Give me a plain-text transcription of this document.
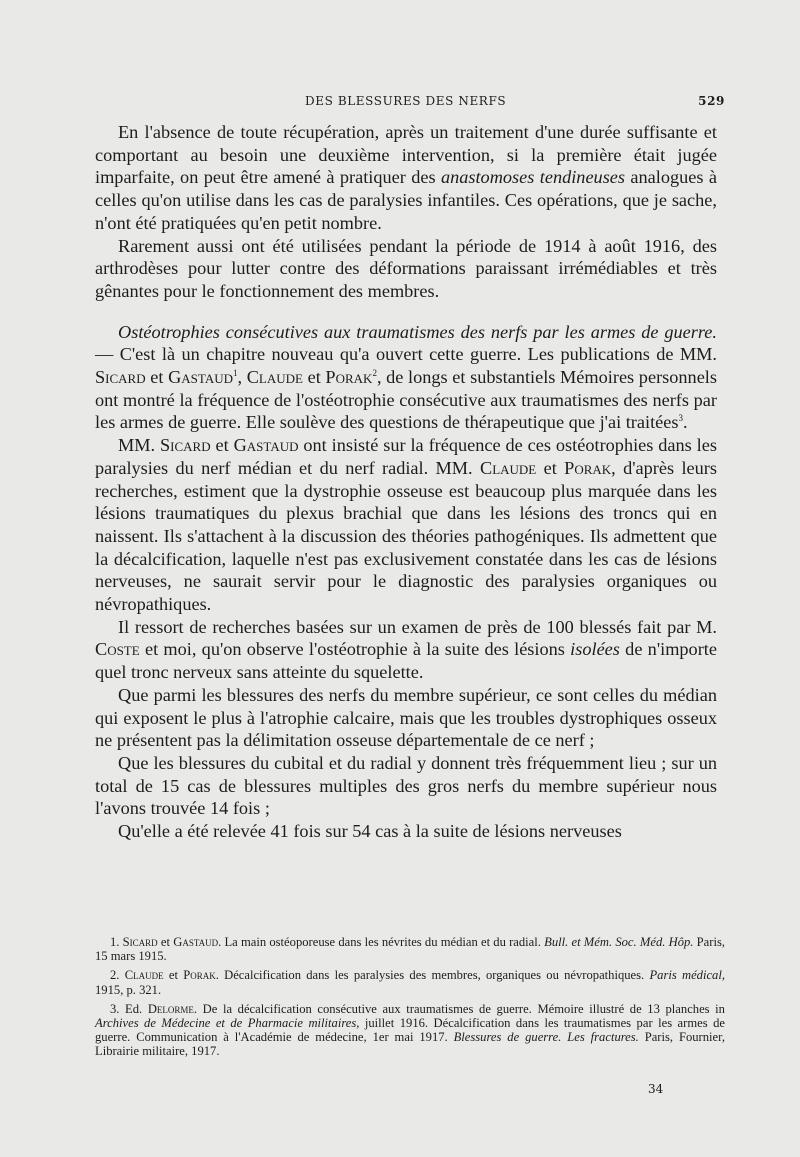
DES BLESSURES DES NERFS	529

En l'absence de toute récupération, après un traitement d'une durée suffisante et comportant au besoin une deuxième intervention, si la première était jugée imparfaite, on peut être amené à pratiquer des anastomoses tendineuses analogues à celles qu'on utilise dans les cas de paralysies infantiles. Ces opérations, que je sache, n'ont été pratiquées qu'en petit nombre.

Rarement aussi ont été utilisées pendant la période de 1914 à août 1916, des arthrodèses pour lutter contre des déformations paraissant irrémédiables et très gênantes pour le fonctionnement des membres.

Ostéotrophies consécutives aux traumatismes des nerfs par les armes de guerre. — C'est là un chapitre nouveau qu'a ouvert cette guerre. Les publications de MM. Sicard et Gastaud$^1$, Claude et Porak$^2$, de longs et substantiels Mémoires personnels ont montré la fréquence de l'ostéotrophie consécutive aux traumatismes des nerfs par les armes de guerre. Elle soulève des questions de thérapeutique que j'ai traitées$^3$.

MM. Sicard et Gastaud ont insisté sur la fréquence de ces ostéotrophies dans les paralysies du nerf médian et du nerf radial. MM. Claude et Porak, d'après leurs recherches, estiment que la dystrophie osseuse est beaucoup plus marquée dans les lésions traumatiques du plexus brachial que dans les lésions des troncs qui en naissent. Ils s'attachent à la discussion des théories pathogéniques. Ils admettent que la décalcification, laquelle n'est pas exclusivement constatée dans les cas de lésions nerveuses, ne saurait servir pour le diagnostic des paralysies organiques ou névropathiques.

Il ressort de recherches basées sur un examen de près de 100 blessés fait par M. Coste et moi, qu'on observe l'ostéotrophie à la suite des lésions isolées de n'importe quel tronc nerveux sans atteinte du squelette.

Que parmi les blessures des nerfs du membre supérieur, ce sont celles du médian qui exposent le plus à l'atrophie calcaire, mais que les troubles dystrophiques osseux ne présentent pas la délimitation osseuse départementale de ce nerf ;

Que les blessures du cubital et du radial y donnent très fréquemment lieu ; sur un total de 15 cas de blessures multiples des gros nerfs du membre supérieur nous l'avons trouvée 14 fois ;

Qu'elle a été relevée 41 fois sur 54 cas à la suite de lésions nerveuses

1. Sicard et Gastaud. La main ostéoporeuse dans les névrites du médian et du radial. Bull. et Mém. Soc. Méd. Hôp. Paris, 15 mars 1915.

2. Claude et Porak. Décalcification dans les paralysies des membres, organiques ou névropathiques. Paris médical, 1915, p. 321.

3. Ed. Delorme. De la décalcification consécutive aux traumatismes de guerre. Mémoire illustré de 13 planches in Archives de Médecine et de Pharmacie militaires, juillet 1916. Décalcification dans les traumatismes par les armes de guerre. Communication à l'Académie de médecine, 1er mai 1917. Blessures de guerre. Les fractures. Paris, Fournier, Librairie militaire, 1917.

34
